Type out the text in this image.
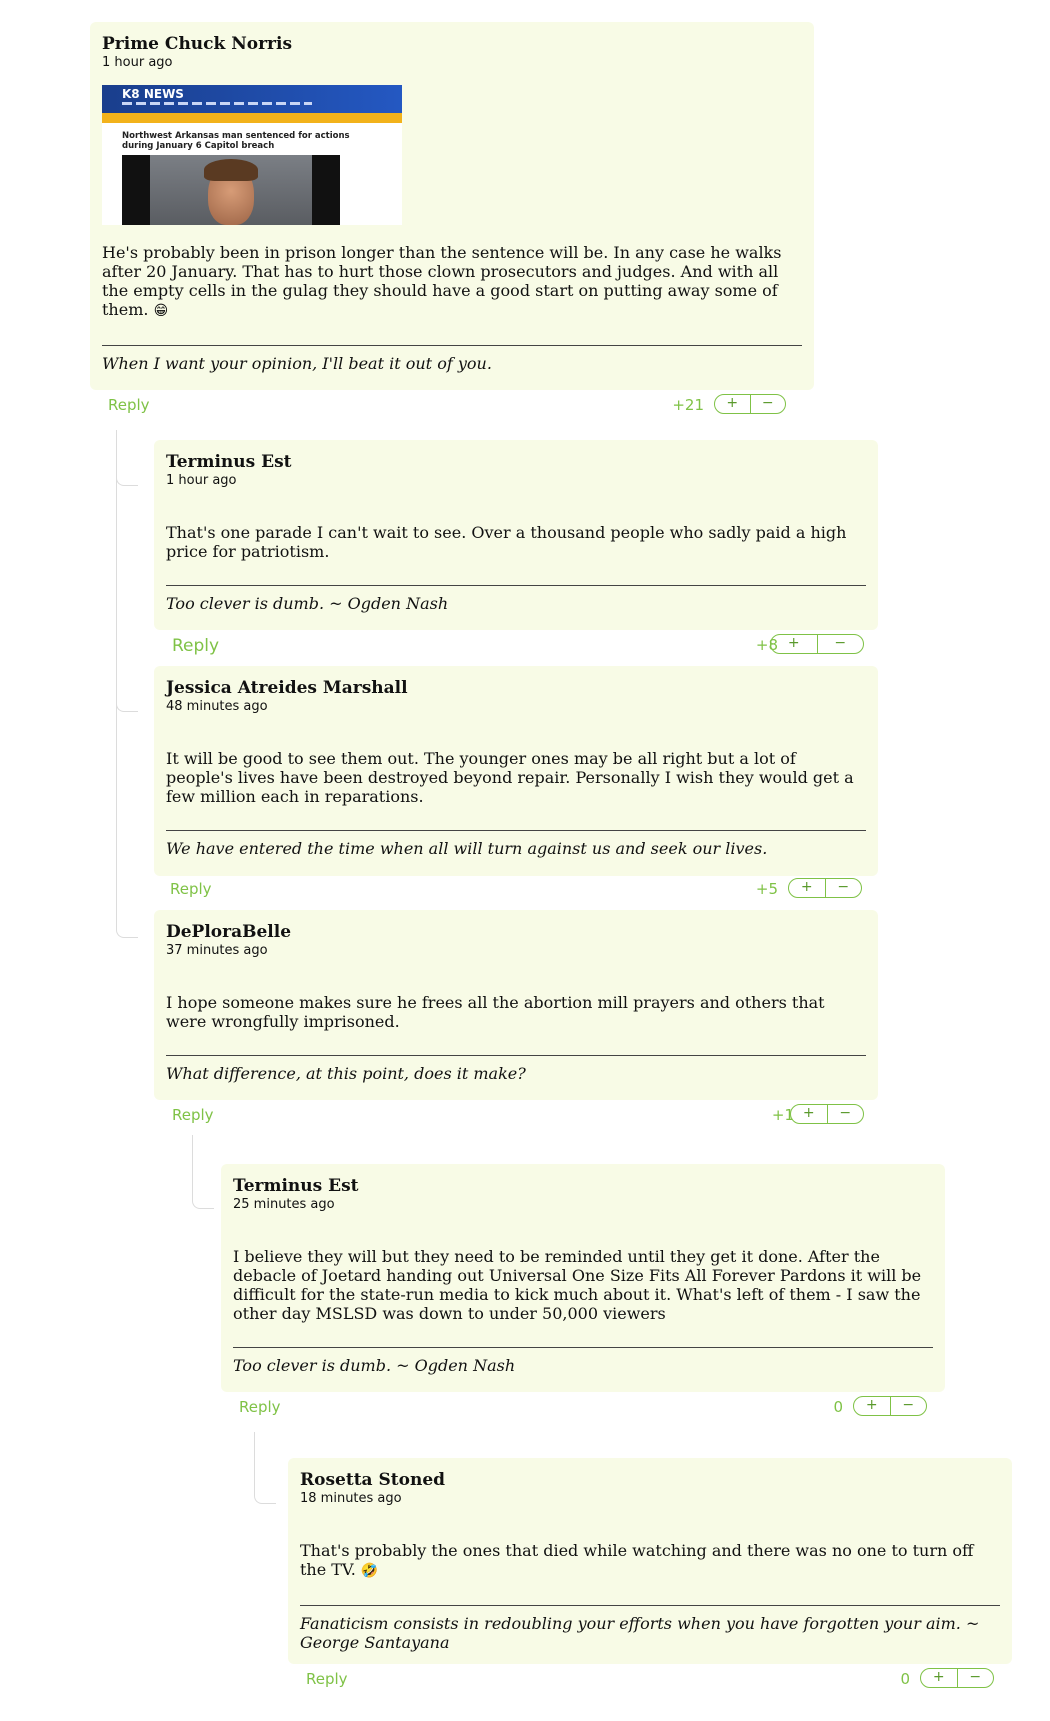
Prime Chuck Norris
1 hour ago
K8 NEWS
Northwest Arkansas man sentenced for actions during January 6 Capitol breach
He's probably been in prison longer than the sentence will be. In any case he walks after 20 January. That has to hurt those clown prosecutors and judges. And with all the empty cells in the gulag they should have a good start on putting away some of them. 😁
When I want your opinion, I'll beat it out of you.
Reply	+21	+	−
Terminus Est
1 hour ago
That's one parade I can't wait to see. Over a thousand people who sadly paid a high price for patriotism.
Too clever is dumb. ~ Ogden Nash
Reply	+8 +	−
Jessica Atreides Marshall
48 minutes ago
It will be good to see them out. The younger ones may be all right but a lot of people's lives have been destroyed beyond repair. Personally I wish they would get a few million each in reparations.
We have entered the time when all will turn against us and seek our lives.
Reply	+5	+	−
DePloraBelle
37 minutes ago
I hope someone makes sure he frees all the abortion mill prayers and others that were wrongfully imprisoned.
What difference, at this point, does it make?
Reply	+1 +	−
Terminus Est
25 minutes ago
I believe they will but they need to be reminded until they get it done. After the debacle of Joetard handing out Universal One Size Fits All Forever Pardons it will be difficult for the state-run media to kick much about it. What's left of them - I saw the other day MSLSD was down to under 50,000 viewers
Too clever is dumb. ~ Ogden Nash
Reply	0	+	−
Rosetta Stoned
18 minutes ago
That's probably the ones that died while watching and there was no one to turn off the TV. 🤣
Fanaticism consists in redoubling your efforts when you have forgotten your aim. ~ George Santayana
Reply	0	+	−
